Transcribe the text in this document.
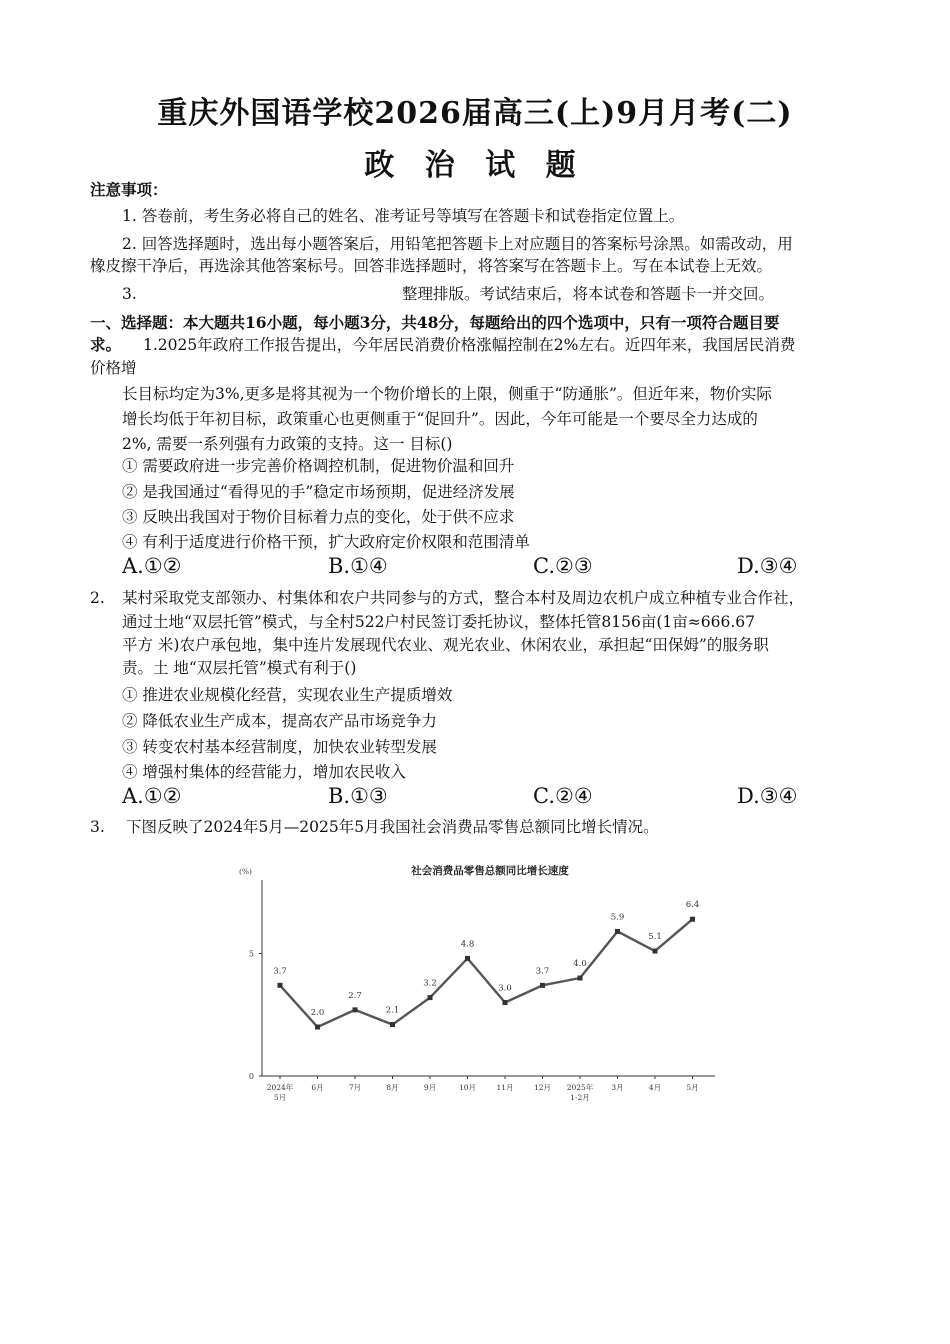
重庆外国语学校2026届高三(上)9月月考(二)
政 治 试 题
注意事项：
1. 答卷前，考生务必将自己的姓名、准考证号等填写在答题卡和试卷指定位置上。
2. 回答选择题时，选出每小题答案后，用铅笔把答题卡上对应题目的答案标号涂黑。如需改动，用
橡皮擦干净后，再选涂其他答案标号。回答非选择题时，将答案写在答题卡上。写在本试卷上无效。
3.	整理排版。考试结束后，将本试卷和答题卡一并交回。
一、选择题：本大题共16小题，每小题3分，共48分，每题给出的四个选项中，只有一项符合题目要
求。 1.2025年政府工作报告提出，今年居民消费价格涨幅控制在2%左右。近四年来，我国居民消费
价格增
长目标均定为3%,更多是将其视为一个物价增长的上限，侧重于“防通胀”。但近年来，物价实际
增长均低于年初目标，政策重心也更侧重于“促回升”。因此，今年可能是一个要尽全力达成的
2%, 需要一系列强有力政策的支持。这一 目标()
① 需要政府进一步完善价格调控机制，促进物价温和回升
② 是我国通过“看得见的手”稳定市场预期，促进经济发展
③ 反映出我国对于物价目标着力点的变化，处于供不应求
④ 有利于适度进行价格干预，扩大政府定价权限和范围清单
A.①②	B.①④	C.②③	D.③④
2. 某村采取党支部领办、村集体和农户共同参与的方式，整合本村及周边农机户成立种植专业合作社，
通过土地“双层托管”模式，与全村522户村民签订委托协议，整体托管8156亩(1亩≈666.67
平方 米)农户承包地，集中连片发展现代农业、观光农业、休闲农业，承担起“田保姆”的服务职
责。土 地“双层托管”模式有利于()
① 推进农业规模化经营，实现农业生产提质增效
② 降低农业生产成本，提高农产品市场竞争力
③ 转变农村基本经营制度，加快农业转型发展
④ 增强村集体的经营能力，增加农民收入
A.①②	B.①③	C.②④	D.③④
3. 下图反映了2024年5月—2025年5月我国社会消费品零售总额同比增长情况。
社会消费品零售总额同比增长速度
(%)
0
5
3.7
2.0
2.7
2.1
3.2
4.8
3.0
3.7
4.0
5.9
5.1
6.4
2024年
5月
6月	7月	8月	9月	10月	11月	12月 2025年
1-2月
3月	4月	5月
